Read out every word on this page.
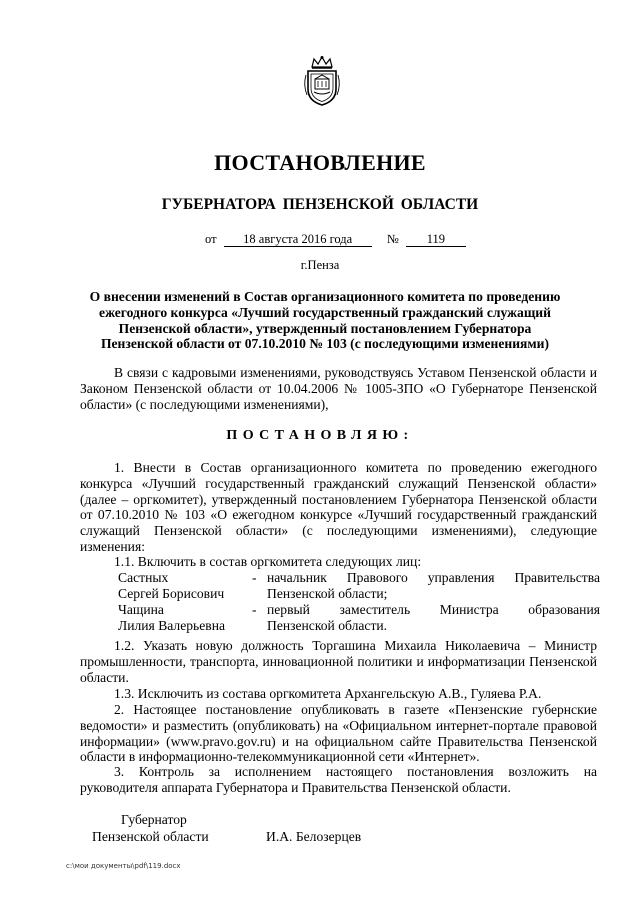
ПОСТАНОВЛЕНИЕ
ГУБЕРНАТОРА ПЕНЗЕНСКОЙ ОБЛАСТИ
от 18 августа 2016 года	№ 119
г.Пенза
О внесении изменений в Состав организационного комитета по проведению
ежегодного конкурса «Лучший государственный гражданский служащий
Пензенской области», утвержденный постановлением Губернатора
Пензенской области от 07.10.2010 № 103 (с последующими изменениями)
В связи с кадровыми изменениями, руководствуясь Уставом Пензенской области и Законом Пензенской области от 10.04.2006 № 1005-ЗПО «О Губернаторе Пензенской области» (с последующими изменениями),
ПОСТАНОВЛЯЮ:
1. Внести в Состав организационного комитета по проведению ежегодного конкурса «Лучший государственный гражданский служащий Пензенской области» (далее – оргкомитет), утвержденный постановлением Губернатора Пензенской области от 07.10.2010 № 103 «О ежегодном конкурсе «Лучший государственный гражданский служащий Пензенской области» (с последующими изменениями), следующие изменения:
1.1. Включить в состав оргкомитета следующих лиц:
Састных	- начальник Правового управления Правительства
Сергей Борисович	Пензенской области;
Чащина	- первый заместитель Министра образования
Лилия Валерьевна	Пензенской области.
1.2. Указать новую должность Торгашина Михаила Николаевича – Министр промышленности, транспорта, инновационной политики и информатизации Пензенской области.
1.3. Исключить из состава оргкомитета Архангельскую А.В., Гуляева Р.А.
2. Настоящее постановление опубликовать в газете «Пензенские губернские ведомости» и разместить (опубликовать) на «Официальном интернет-портале правовой информации» (www.pravo.gov.ru) и на официальном сайте Правительства Пензенской области в информационно-телекоммуникационной сети «Интернет».
3. Контроль за исполнением настоящего постановления возложить на руководителя аппарата Губернатора и Правительства Пензенской области.
Губернатор
Пензенской области	И.А. Белозерцев
c:\мои документы\pdf\119.docx
